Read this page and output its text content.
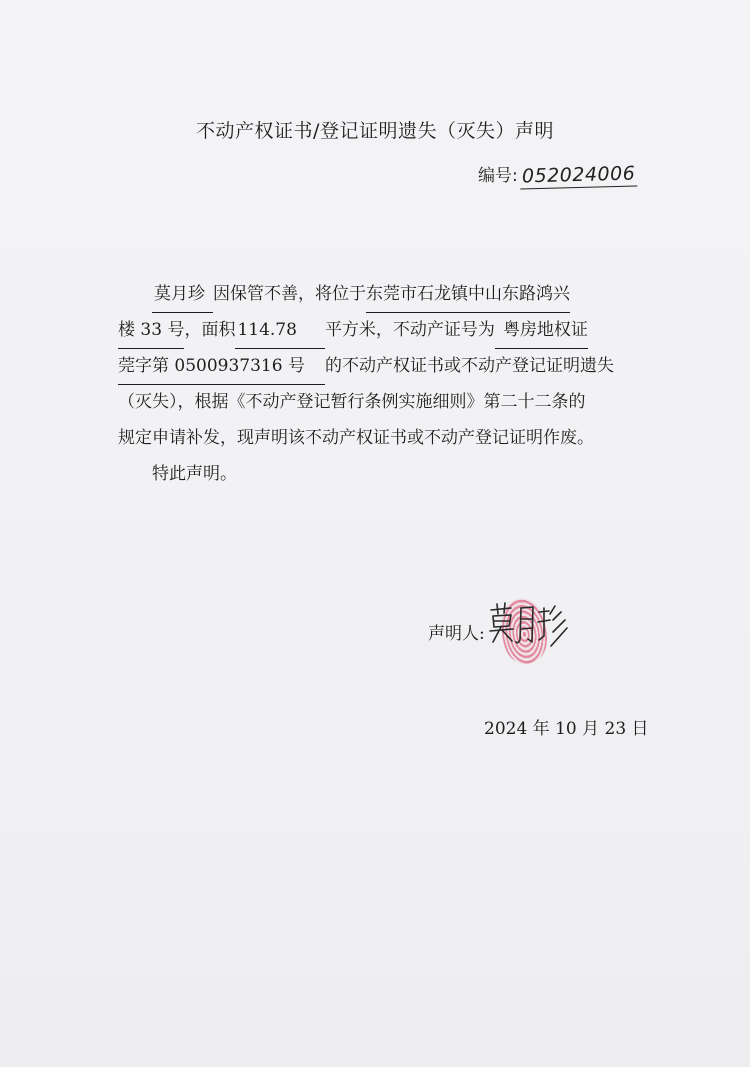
不动产权证书/登记证明遗失（灭失）声明
编号: 052024006
莫月珍 因保管不善，将位于东莞市石龙镇中山东路鸿兴
楼 33 号，面积 114.78 平方米，不动产证号为 粤房地权证
莞字第 0500937316 号 的不动产权证书或不动产登记证明遗失
（灭失），根据《不动产登记暂行条例实施细则》第二十二条的
规定申请补发，现声明该不动产权证书或不动产登记证明作废。
特此声明。
声明人:
2024 年 10 月 23 日
